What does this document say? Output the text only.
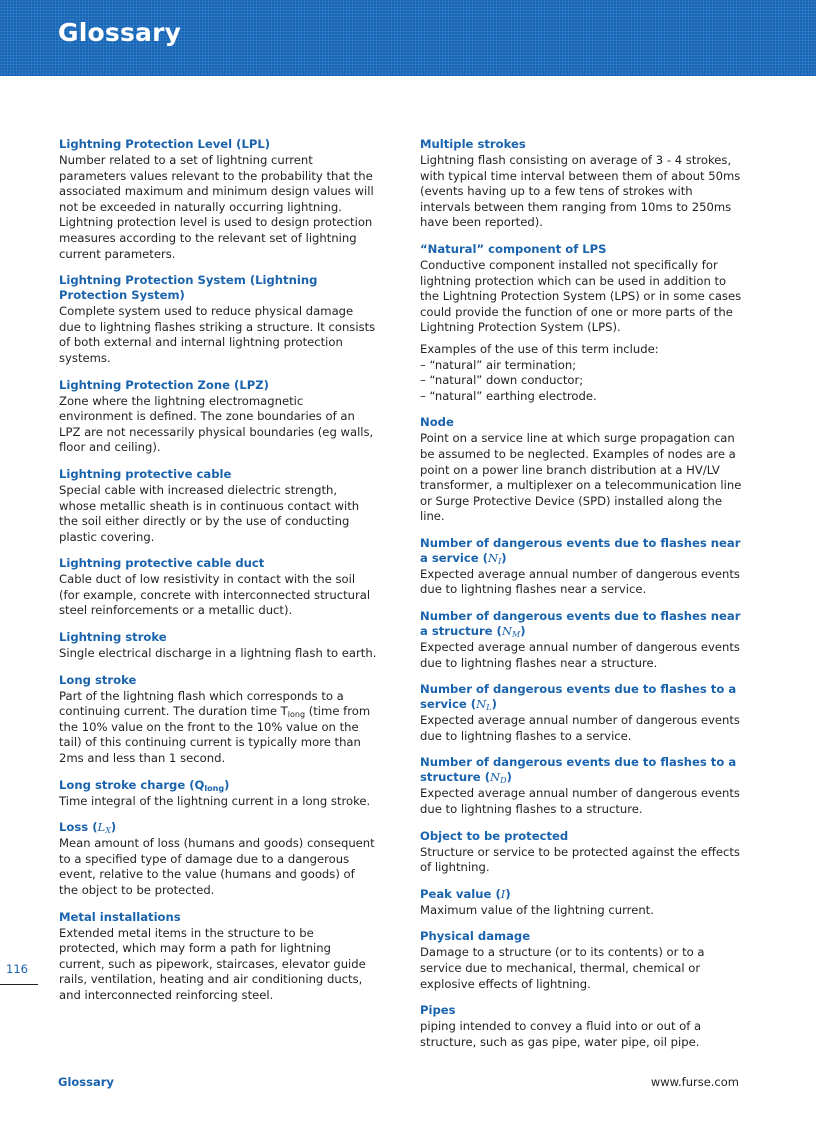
Glossary

Lightning Protection Level (LPL)

Number related to a set of lightning current parameters values relevant to the probability that the associated maximum and minimum design values will not be exceeded in naturally occurring lightning. Lightning protection level is used to design protection measures according to the relevant set of lightning current parameters.

Lightning Protection System (Lightning Protection System)

Complete system used to reduce physical damage due to lightning flashes striking a structure. It consists of both external and internal lightning protection systems.

Lightning Protection Zone (LPZ)

Zone where the lightning electromagnetic environment is defined. The zone boundaries of an LPZ are not necessarily physical boundaries (eg walls, floor and ceiling).

Lightning protective cable

Special cable with increased dielectric strength, whose metallic sheath is in continuous contact with the soil either directly or by the use of conducting plastic covering.

Lightning protective cable duct

Cable duct of low resistivity in contact with the soil (for example, concrete with interconnected structural steel reinforcements or a metallic duct).

Lightning stroke

Single electrical discharge in a lightning flash to earth.

Long stroke

Part of the lightning flash which corresponds to a continuing current. The duration time $T_{long}$ (time from the 10% value on the front to the 10% value on the tail) of this continuing current is typically more than 2ms and less than 1 second.

Long stroke charge $(Q_{long})$

Time integral of the lightning current in a long stroke.

Loss $(L_X)$

Mean amount of loss (humans and goods) consequent to a specified type of damage due to a dangerous event, relative to the value (humans and goods) of the object to be protected.

Metal installations

Extended metal items in the structure to be protected, which may form a path for lightning current, such as pipework, staircases, elevator guide rails, ventilation, heating and air conditioning ducts, and interconnected reinforcing steel.

Multiple strokes

Lightning flash consisting on average of 3 - 4 strokes, with typical time interval between them of about 50ms (events having up to a few tens of strokes with intervals between them ranging from 10ms to 250ms have been reported).

“Natural” component of LPS

Conductive component installed not specifically for lightning protection which can be used in addition to the Lightning Protection System (LPS) or in some cases could provide the function of one or more parts of the Lightning Protection System (LPS).

Examples of the use of this term include:

– “natural” air termination;
– “natural” down conductor;
– “natural” earthing electrode.

Node

Point on a service line at which surge propagation can be assumed to be neglected. Examples of nodes are a point on a power line branch distribution at a HV/LV transformer, a multiplexer on a telecommunication line or Surge Protective Device (SPD) installed along the line.

Number of dangerous events due to flashes near a service $(N_I)$

Expected average annual number of dangerous events due to lightning flashes near a service.

Number of dangerous events due to flashes near a structure $(N_M)$

Expected average annual number of dangerous events due to lightning flashes near a structure.

Number of dangerous events due to flashes to a service $(N_L)$

Expected average annual number of dangerous events due to lightning flashes to a service.

Number of dangerous events due to flashes to a structure $(N_D)$

Expected average annual number of dangerous events due to lightning flashes to a structure.

Object to be protected

Structure or service to be protected against the effects of lightning.

Peak value (I)

Maximum value of the lightning current.

Physical damage

Damage to a structure (or to its contents) or to a service due to mechanical, thermal, chemical or explosive effects of lightning.

Pipes

piping intended to convey a fluid into or out of a structure, such as gas pipe, water pipe, oil pipe.

116
Glossary	www.furse.com
